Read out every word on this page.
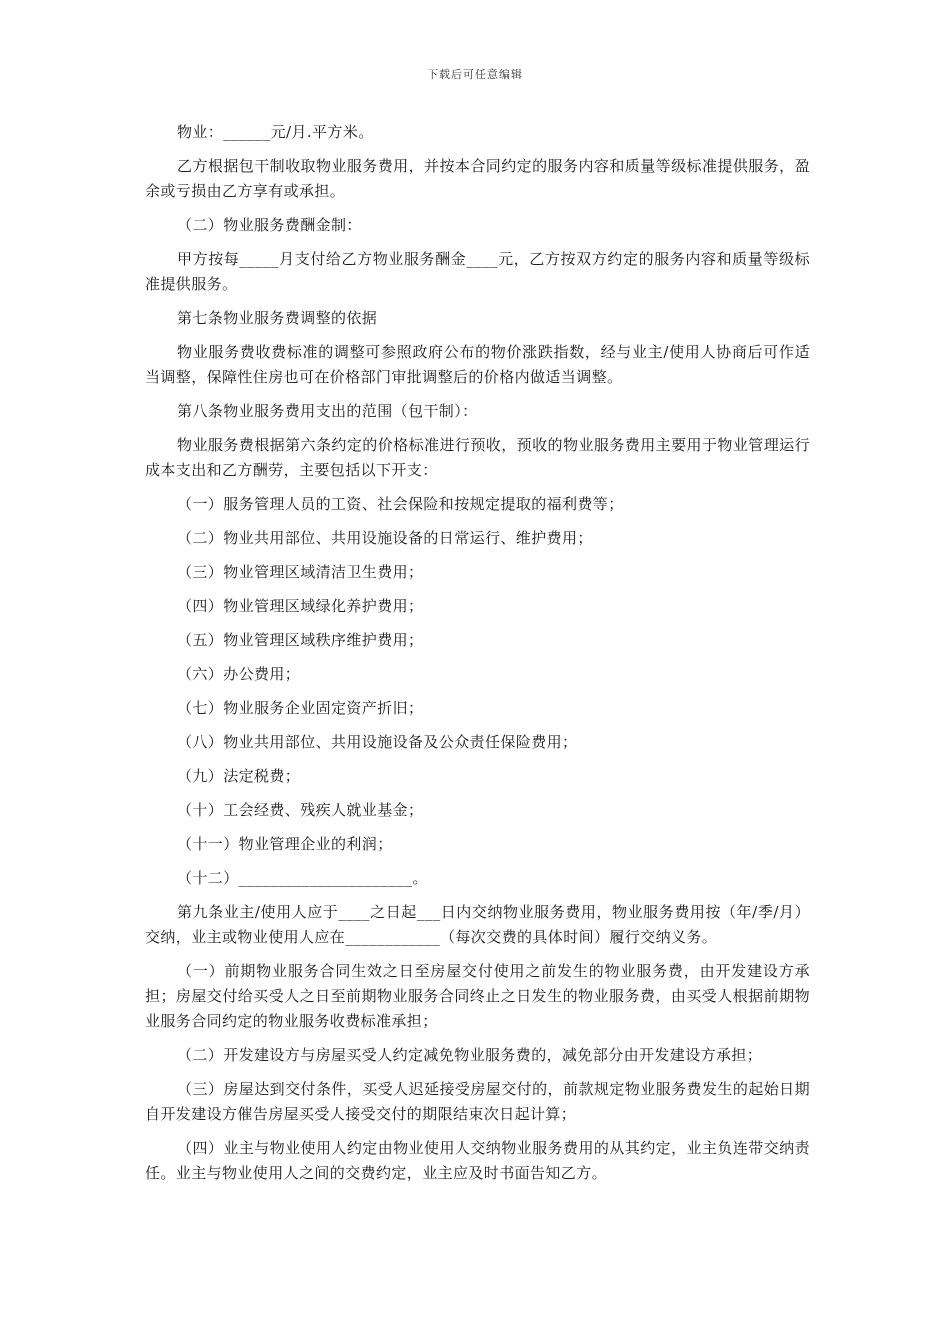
下载后可任意编辑

物业：______元/月.平方米。

乙方根据包干制收取物业服务费用，并按本合同约定的服务内容和质量等级标准提供服务，盈余或亏损由乙方享有或承担。

（二）物业服务费酬金制：

甲方按每_____月支付给乙方物业服务酬金____元，乙方按双方约定的服务内容和质量等级标准提供服务。

第七条物业服务费调整的依据

物业服务费收费标准的调整可参照政府公布的物价涨跌指数，经与业主/使用人协商后可作适当调整，保障性住房也可在价格部门审批调整后的价格内做适当调整。

第八条物业服务费用支出的范围（包干制）：

物业服务费根据第六条约定的价格标准进行预收，预收的物业服务费用主要用于物业管理运行成本支出和乙方酬劳，主要包括以下开支：

（一）服务管理人员的工资、社会保险和按规定提取的福利费等；

（二）物业共用部位、共用设施设备的日常运行、维护费用；

（三）物业管理区域清洁卫生费用；

（四）物业管理区域绿化养护费用；

（五）物业管理区域秩序维护费用；

（六）办公费用；

（七）物业服务企业固定资产折旧；

（八）物业共用部位、共用设施设备及公众责任保险费用；

（九）法定税费；

（十）工会经费、残疾人就业基金；

（十一）物业管理企业的利润；

（十二）______________________。

第九条业主/使用人应于____之日起___日内交纳物业服务费用，物业服务费用按（年/季/月）交纳，业主或物业使用人应在____________（每次交费的具体时间）履行交纳义务。

（一）前期物业服务合同生效之日至房屋交付使用之前发生的物业服务费，由开发建设方承担；房屋交付给买受人之日至前期物业服务合同终止之日发生的物业服务费，由买受人根据前期物业服务合同约定的物业服务收费标准承担；

（二）开发建设方与房屋买受人约定减免物业服务费的，减免部分由开发建设方承担；

（三）房屋达到交付条件，买受人迟延接受房屋交付的，前款规定物业服务费发生的起始日期自开发建设方催告房屋买受人接受交付的期限结束次日起计算；

（四）业主与物业使用人约定由物业使用人交纳物业服务费用的从其约定，业主负连带交纳责任。业主与物业使用人之间的交费约定，业主应及时书面告知乙方。
